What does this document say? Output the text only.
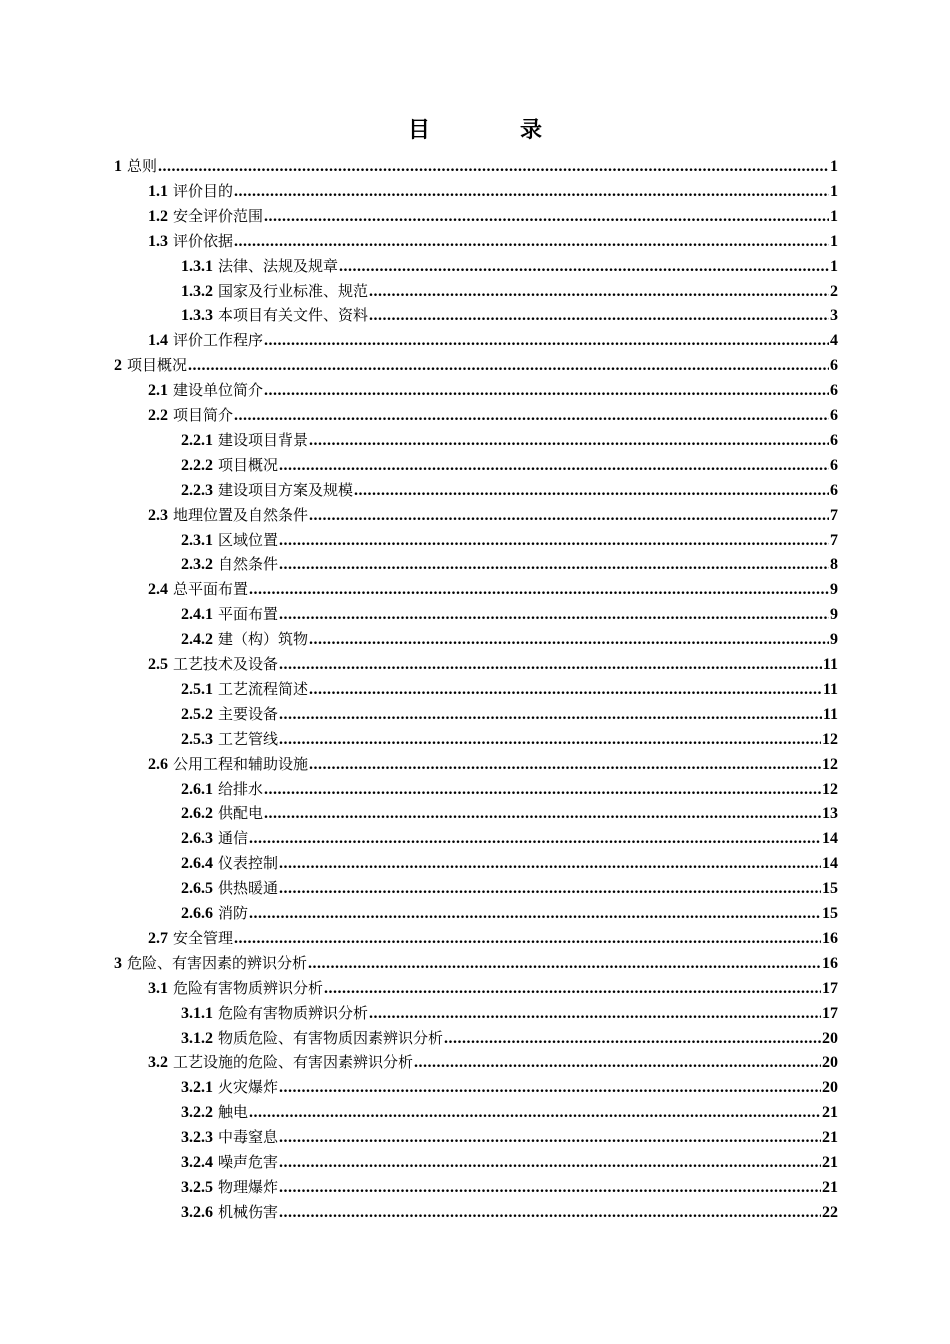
目　录
1 总则 .....	1
1.1 评价目的 .....	1
1.2 安全评价范围 .....	1
1.3 评价依据 .....	1
1.3.1 法律、法规及规章 .....	1
1.3.2 国家及行业标准、规范 .....	2
1.3.3 本项目有关文件、资料 .....	3
1.4 评价工作程序 .....	4
2 项目概况 .....	6
2.1 建设单位简介 .....	6
2.2 项目简介 .....	6
2.2.1 建设项目背景 .....	6
2.2.2 项目概况 .....	6
2.2.3 建设项目方案及规模 .....	6
2.3 地理位置及自然条件 .....	7
2.3.1 区域位置 .....	7
2.3.2 自然条件 .....	8
2.4 总平面布置 .....	9
2.4.1 平面布置 .....	9
2.4.2 建（构）筑物 .....	9
2.5 工艺技术及设备 .....	11
2.5.1 工艺流程简述 .....	11
2.5.2 主要设备 .....	11
2.5.3 工艺管线 .....	12
2.6 公用工程和辅助设施 .....	12
2.6.1 给排水 .....	12
2.6.2 供配电 .....	13
2.6.3 通信 .....	14
2.6.4 仪表控制 .....	14
2.6.5 供热暖通 .....	15
2.6.6 消防 .....	15
2.7 安全管理 .....	16
3 危险、有害因素的辨识分析 .....	16
3.1 危险有害物质辨识分析 .....	17
3.1.1 危险有害物质辨识分析 .....	17
3.1.2 物质危险、有害物质因素辨识分析 .....	20
3.2 工艺设施的危险、有害因素辨识分析 .....	20
3.2.1 火灾爆炸 .....	20
3.2.2 触电 .....	21
3.2.3 中毒窒息 .....	21
3.2.4 噪声危害 .....	21
3.2.5 物理爆炸 .....	21
3.2.6 机械伤害 .....	22
